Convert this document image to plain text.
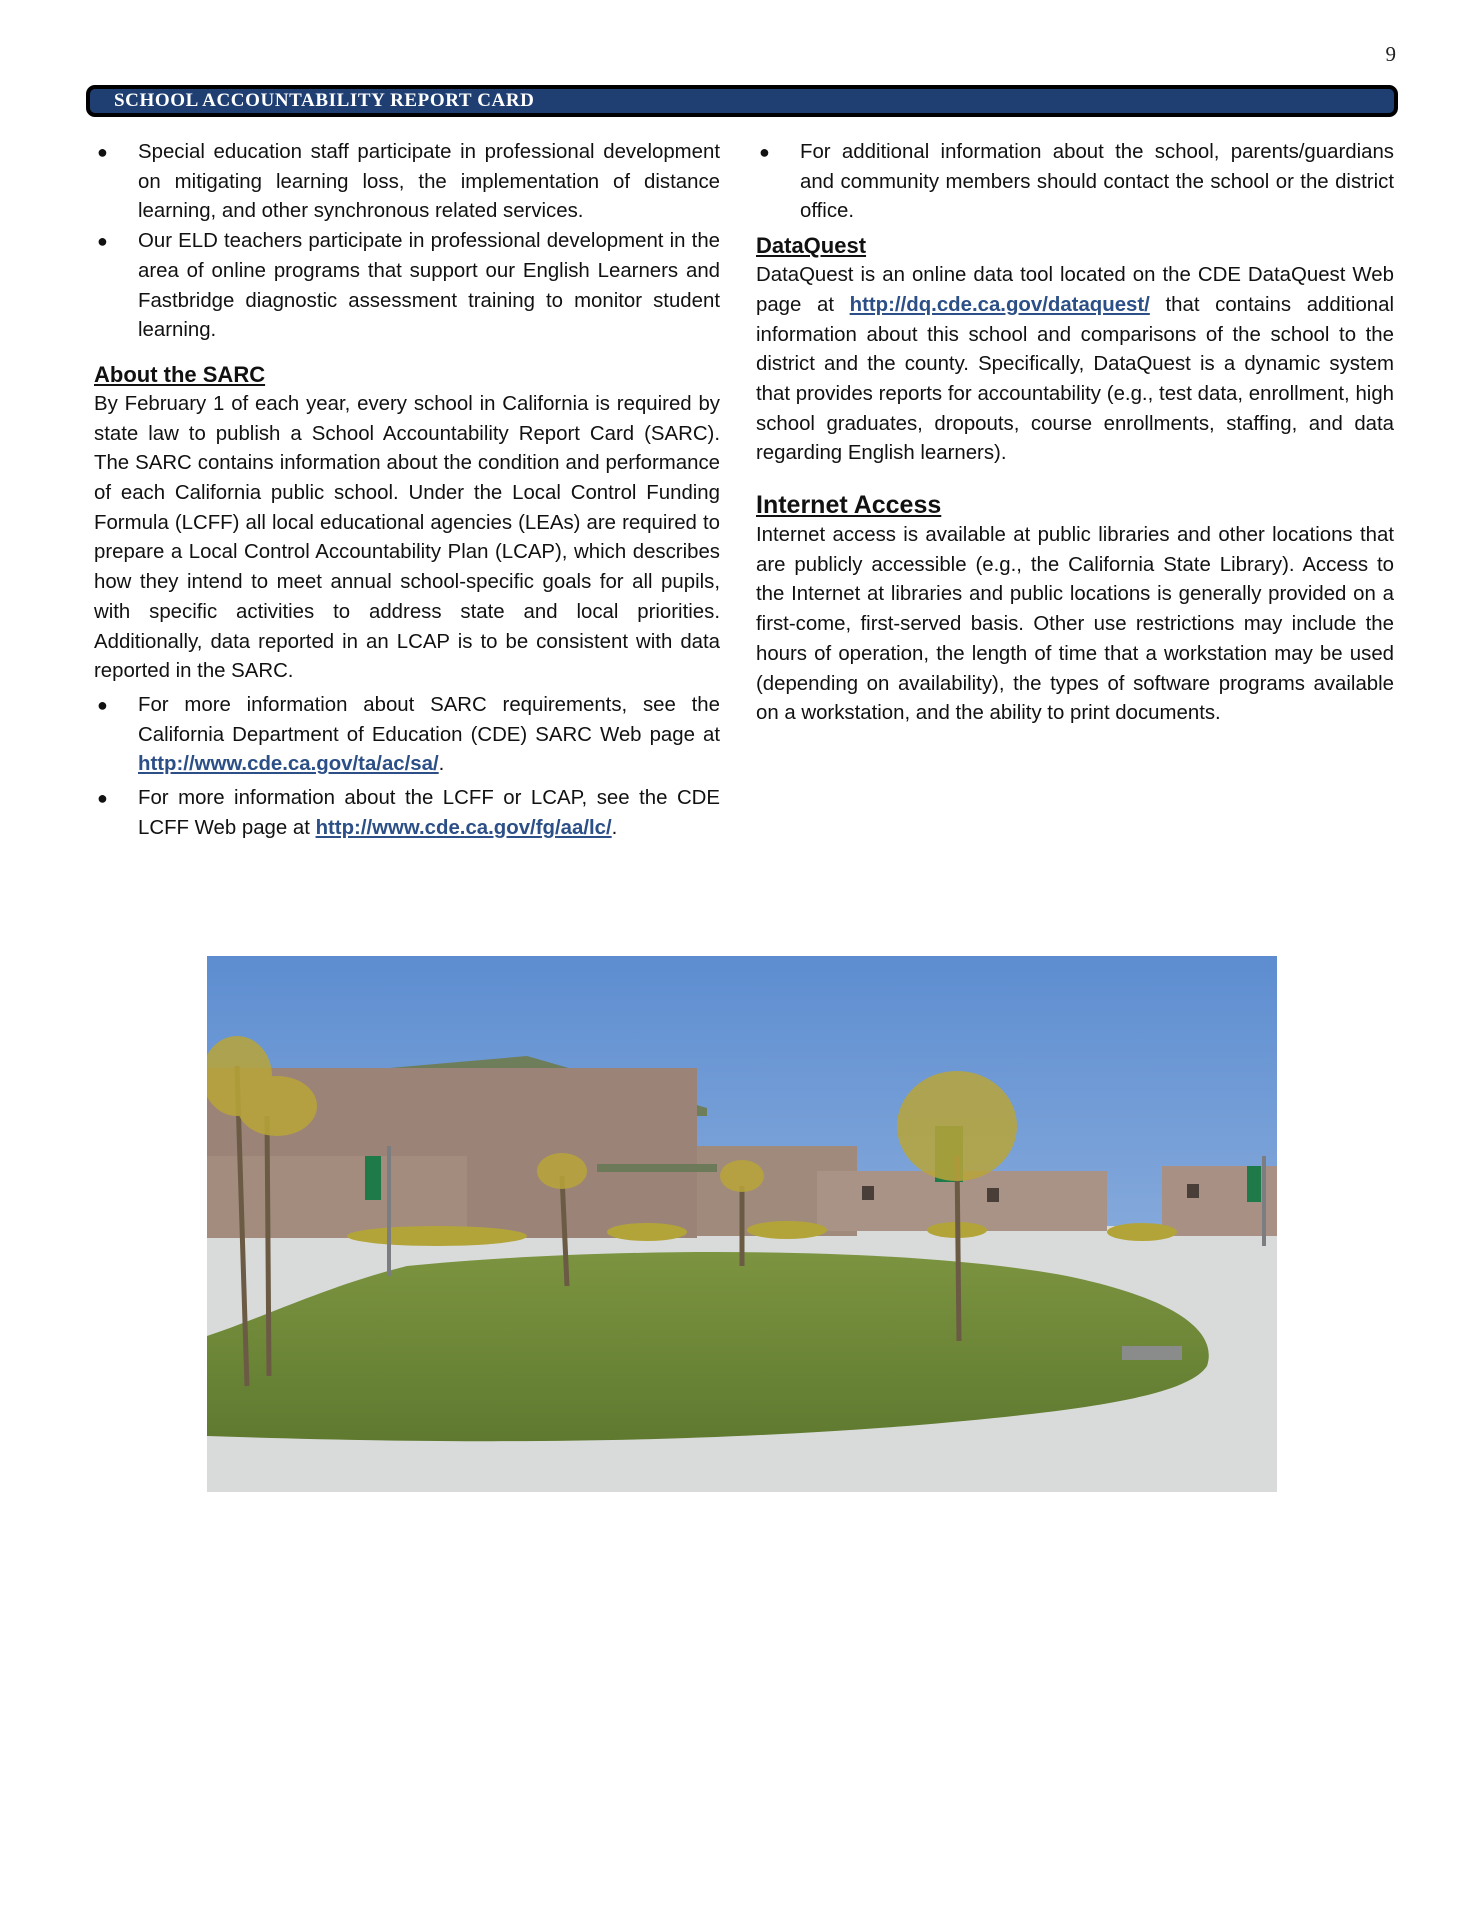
9
SCHOOL ACCOUNTABILITY REPORT CARD
● Special education staff participate in professional development on mitigating learning loss, the implementation of distance learning, and other synchronous related services.
● Our ELD teachers participate in professional development in the area of online programs that support our English Learners and Fastbridge diagnostic assessment training to monitor student learning.
About the SARC

By February 1 of each year, every school in California is required by state law to publish a School Accountability Report Card (SARC). The SARC contains information about the condition and performance of each California public school. Under the Local Control Funding Formula (LCFF) all local educational agencies (LEAs) are required to prepare a Local Control Accountability Plan (LCAP), which describes how they intend to meet annual school-specific goals for all pupils, with specific activities to address state and local priorities. Additionally, data reported in an LCAP is to be consistent with data reported in the SARC.

● For more information about SARC requirements, see the California Department of Education (CDE) SARC Web page at http://www.cde.ca.gov/ta/ac/sa/.
● For more information about the LCFF or LCAP, see the CDE LCFF Web page at http://www.cde.ca.gov/fg/aa/lc/.
● For additional information about the school, parents/guardians and community members should contact the school or the district office.
DataQuest

DataQuest is an online data tool located on the CDE DataQuest Web page at http://dq.cde.ca.gov/dataquest/ that contains additional information about this school and comparisons of the school to the district and the county. Specifically, DataQuest is a dynamic system that provides reports for accountability (e.g., test data, enrollment, high school graduates, dropouts, course enrollments, staffing, and data regarding English learners).

Internet Access

Internet access is available at public libraries and other locations that are publicly accessible (e.g., the California State Library). Access to the Internet at libraries and public locations is generally provided on a first-come, first-served basis. Other use restrictions may include the hours of operation, the length of time that a workstation may be used (depending on availability), the types of software programs available on a workstation, and the ability to print documents.
